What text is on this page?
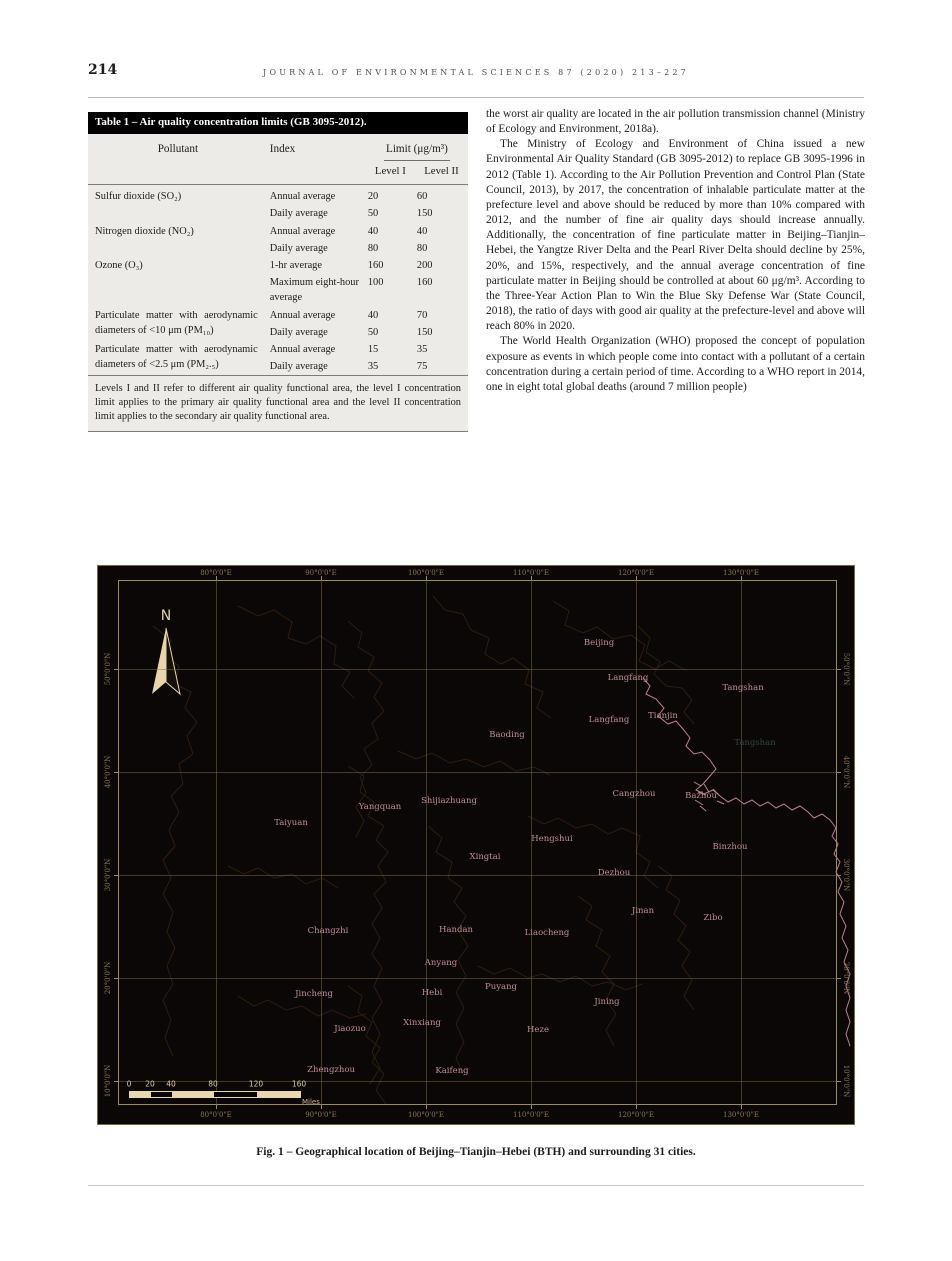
214	JOURNAL OF ENVIRONMENTAL SCIENCES 87 (2020) 213–227
Table 1 – Air quality concentration limits (GB 3095-2012).
Pollutant	Index	Limit (μg/m³)	
		Level I	Level II

Sulfur dioxide (SO₂)	Annual average	20	60
	Daily average	50	150
Nitrogen dioxide (NO₂)	Annual average	40	40
	Daily average	80	80
Ozone (O₃)	1-hr average	160	200
	Maximum eight-hour average	100	160
Particulate matter with aerodynamic diameters of <10 μm (PM₁₀)	Annual average	40	70
	Daily average	50	150
Particulate matter with aerodynamic diameters of <2.5 μm (PM₂.₅)	Annual average	15	35
	Daily average	35	75
Levels I and II refer to different air quality functional area, the level I concentration limit applies to the primary air quality functional area and the level II concentration limit applies to the secondary air quality functional area.

the worst air quality are located in the air pollution transmission channel (Ministry of Ecology and Environment, 2018a).

The Ministry of Ecology and Environment of China issued a new Environmental Air Quality Standard (GB 3095-2012) to replace GB 3095-1996 in 2012 (Table 1). According to the Air Pollution Prevention and Control Plan (State Council, 2013), by 2017, the concentration of inhalable particulate matter at the prefecture level and above should be reduced by more than 10% compared with 2012, and the number of fine air quality days should increase annually. Additionally, the concentration of fine particulate matter in Beijing–Tianjin–Hebei, the Yangtze River Delta and the Pearl River Delta should decline by 25%, 20%, and 15%, respectively, and the annual average concentration of fine particulate matter in Beijing should be controlled at about 60 μg/m³. According to the Three-Year Action Plan to Win the Blue Sky Defense War (State Council, 2018), the ratio of days with good air quality at the prefecture-level and above will reach 80% in 2020.

The World Health Organization (WHO) proposed the concept of population exposure as events in which people come into contact with a pollutant of a certain concentration during a certain period of time. According to a WHO report in 2014, one in eight total global deaths (around 7 million people)

N
80°0'0"E
80°0'0"E
90°0'0"E
90°0'0"E
100°0'0"E
100°0'0"E
110°0'0"E
110°0'0"E
120°0'0"E
120°0'0"E
130°0'0"E
130°0'0"E
50°0'0"N	50°0'0"N
40°0'0"N	40°0'0"N
30°0'0"N	30°0'0"N
20°0'0"N	20°0'0"N
10°0'0"N	10°0'0"N
Beijing
Langfang
Tangshan
Langfang Tianjin
Tangshan
Baoding
Cangzhou	Bazhou
Shijiazhuang
Yangquan
Taiyuan
Hengshui
Binzhou
Xingtai
Dezhou
Jinan
Zibo
Changzhi	Handan	Liaocheng
Anyang
Jincheng	Hebi
Puyang
Jining
Xinxiang
Jiaozuo	Heze
Zhengzhou	Kaifeng
Miles
0 20 40	80	120	160
Fig. 1 – Geographical location of Beijing–Tianjin–Hebei (BTH) and surrounding 31 cities.
